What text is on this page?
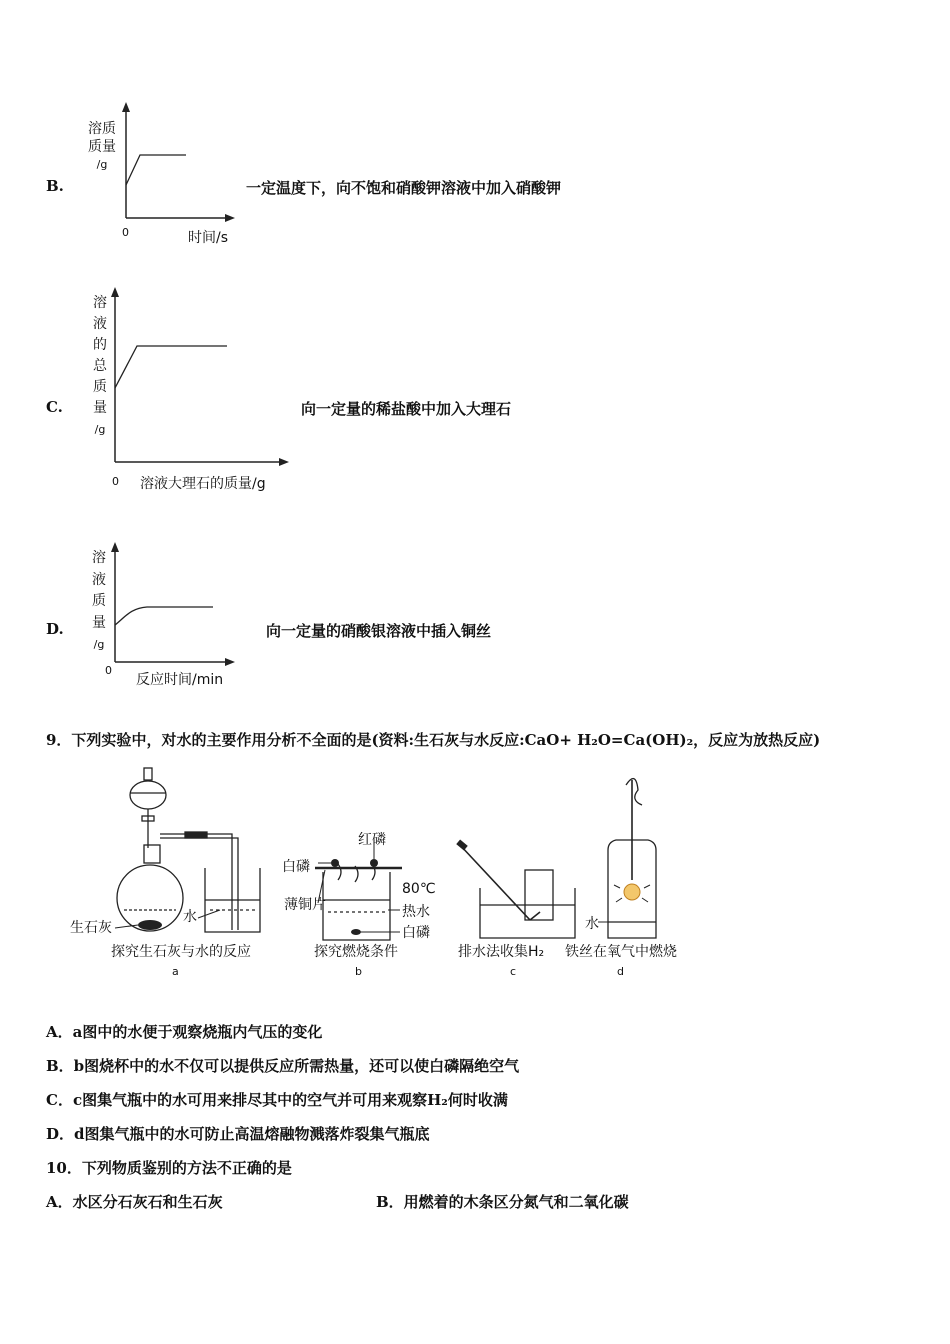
B.
溶质
质量
/g
0	时间/s
一定温度下，向不饱和硝酸钾溶液中加入硝酸钾
C.
溶
液
的
总
质
量
/g
0 溶液大理石的质量/g
向一定量的稀盐酸中加入大理石
D.
溶
液
质
量
/g
0
反应时间/min
向一定量的硝酸银溶液中插入铜丝
9．下列实验中，对水的主要作用分析不全面的是(资料:生石灰与水反应:CaO+ H₂O=Ca(OH)₂，反应为放热反应)
生石灰
水
探究生石灰与水的反应
a
红磷
白磷
薄铜片
80℃
热水
白磷
探究燃烧条件
b
排水法收集H₂
c
水
铁丝在氧气中燃烧
d
A．a图中的水便于观察烧瓶内气压的变化
B．b图烧杯中的水不仅可以提供反应所需热量，还可以使白磷隔绝空气
C．c图集气瓶中的水可用来排尽其中的空气并可用来观察H₂何时收满
D．d图集气瓶中的水可防止高温熔融物溅落炸裂集气瓶底
10．下列物质鉴别的方法不正确的是
A．水区分石灰石和生石灰	B．用燃着的木条区分氮气和二氧化碳
